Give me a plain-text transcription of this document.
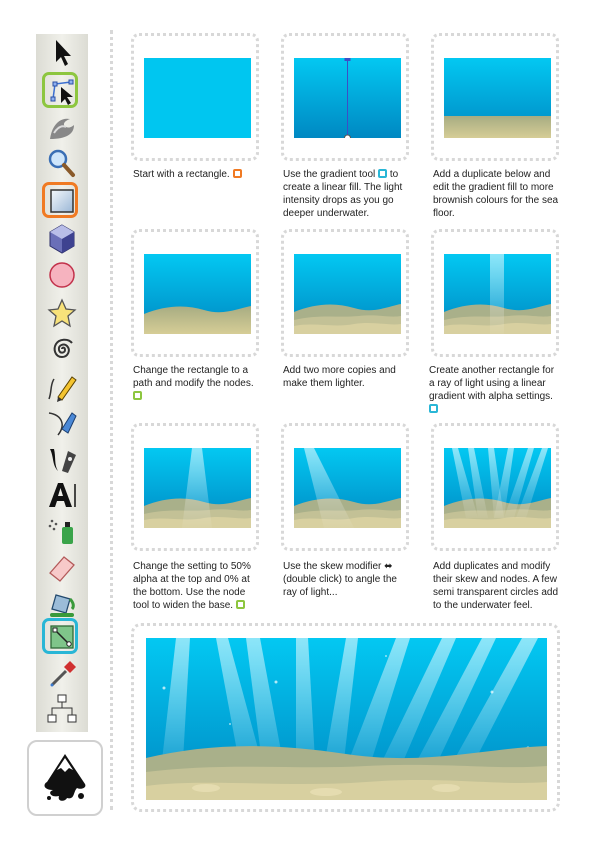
Start with a rectangle.	Use the gradient tool to create a linear fill. The light intensity drops as you go deeper underwater.
Add a duplicate below and edit the gradient fill to more brownish colours for the sea floor.
Change the rectangle to a path and modify the nodes.

Add two more copies and make them lighter.
Create another rectangle for a ray of light using a linear gradient with alpha settings.

Change the setting to 50% alpha at the top and 0% at the bottom. Use the node tool to widen the base.
Use the skew modifier ⬌ (double click) to angle the ray of light...
Add duplicates and modify their skew and nodes. A few semi transparent circles add to the underwater feel.
